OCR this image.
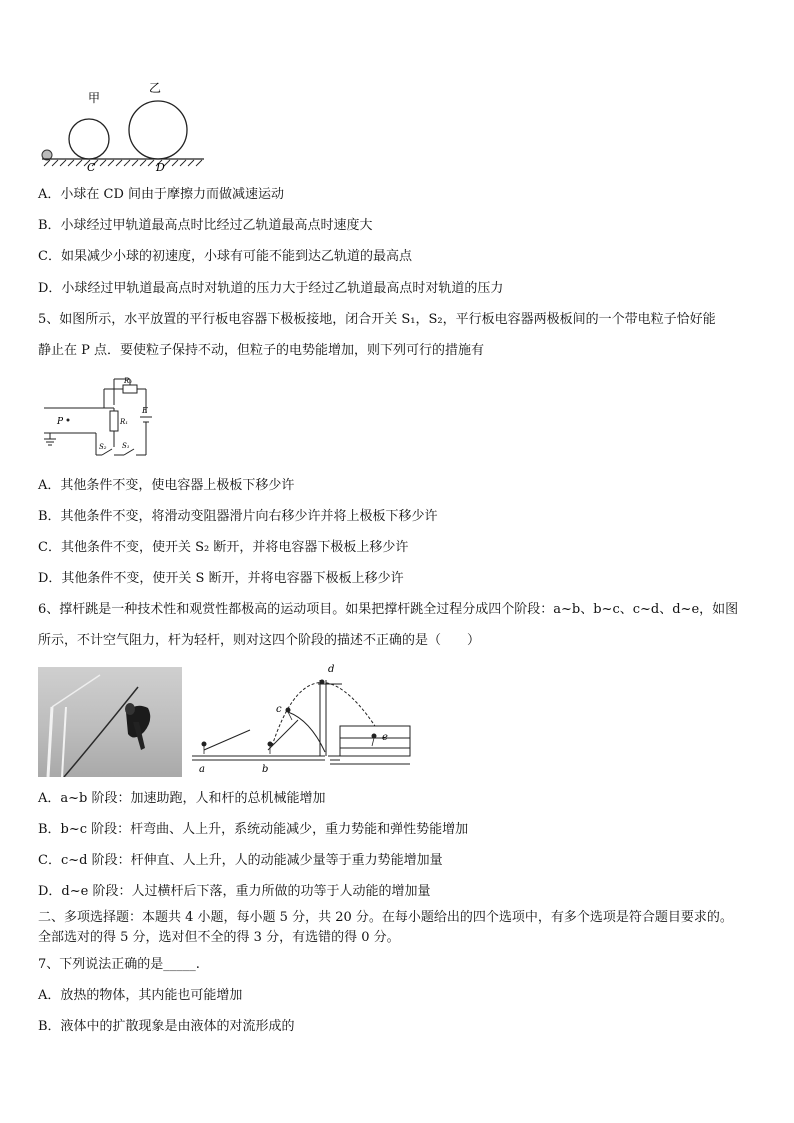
甲
乙
C	D
A．小球在 CD 间由于摩擦力而做减速运动
B．小球经过甲轨道最高点时比经过乙轨道最高点时速度大
C．如果减少小球的初速度，小球有可能不能到达乙轨道的最高点
D．小球经过甲轨道最高点时对轨道的压力大于经过乙轨道最高点时对轨道的压力
5、如图所示，水平放置的平行板电容器下极板接地，闭合开关 S₁，S₂，平行板电容器两极板间的一个带电粒子恰好能
静止在 P 点．要使粒子保持不动，但粒子的电势能增加，则下列可行的措施有
P
R₂
R₁
E
S₂ S₁
A．其他条件不变，使电容器上极板下移少许
B．其他条件不变，将滑动变阻器滑片向右移少许并将上极板下移少许
C．其他条件不变，使开关 S₂ 断开，并将电容器下极板上移少许
D．其他条件不变，使开关 S 断开，并将电容器下极板上移少许
6、撑杆跳是一种技术性和观赏性都极高的运动项目。如果把撑杆跳全过程分成四个阶段：a~b、b~c、c~d、d~e，如图
所示，不计空气阻力，杆为轻杆，则对这四个阶段的描述不正确的是（　　）
a	b
c
d
e
A．a~b 阶段：加速助跑，人和杆的总机械能增加
B．b~c 阶段：杆弯曲、人上升，系统动能减少，重力势能和弹性势能增加
C．c~d 阶段：杆伸直、人上升，人的动能减少量等于重力势能增加量
D．d~e 阶段：人过横杆后下落，重力所做的功等于人动能的增加量
二、多项选择题：本题共 4 小题，每小题 5 分，共 20 分。在每小题给出的四个选项中，有多个选项是符合题目要求的。
全部选对的得 5 分，选对但不全的得 3 分，有选错的得 0 分。
7、下列说法正确的是_____.
A．放热的物体，其内能也可能增加
B．液体中的扩散现象是由液体的对流形成的
